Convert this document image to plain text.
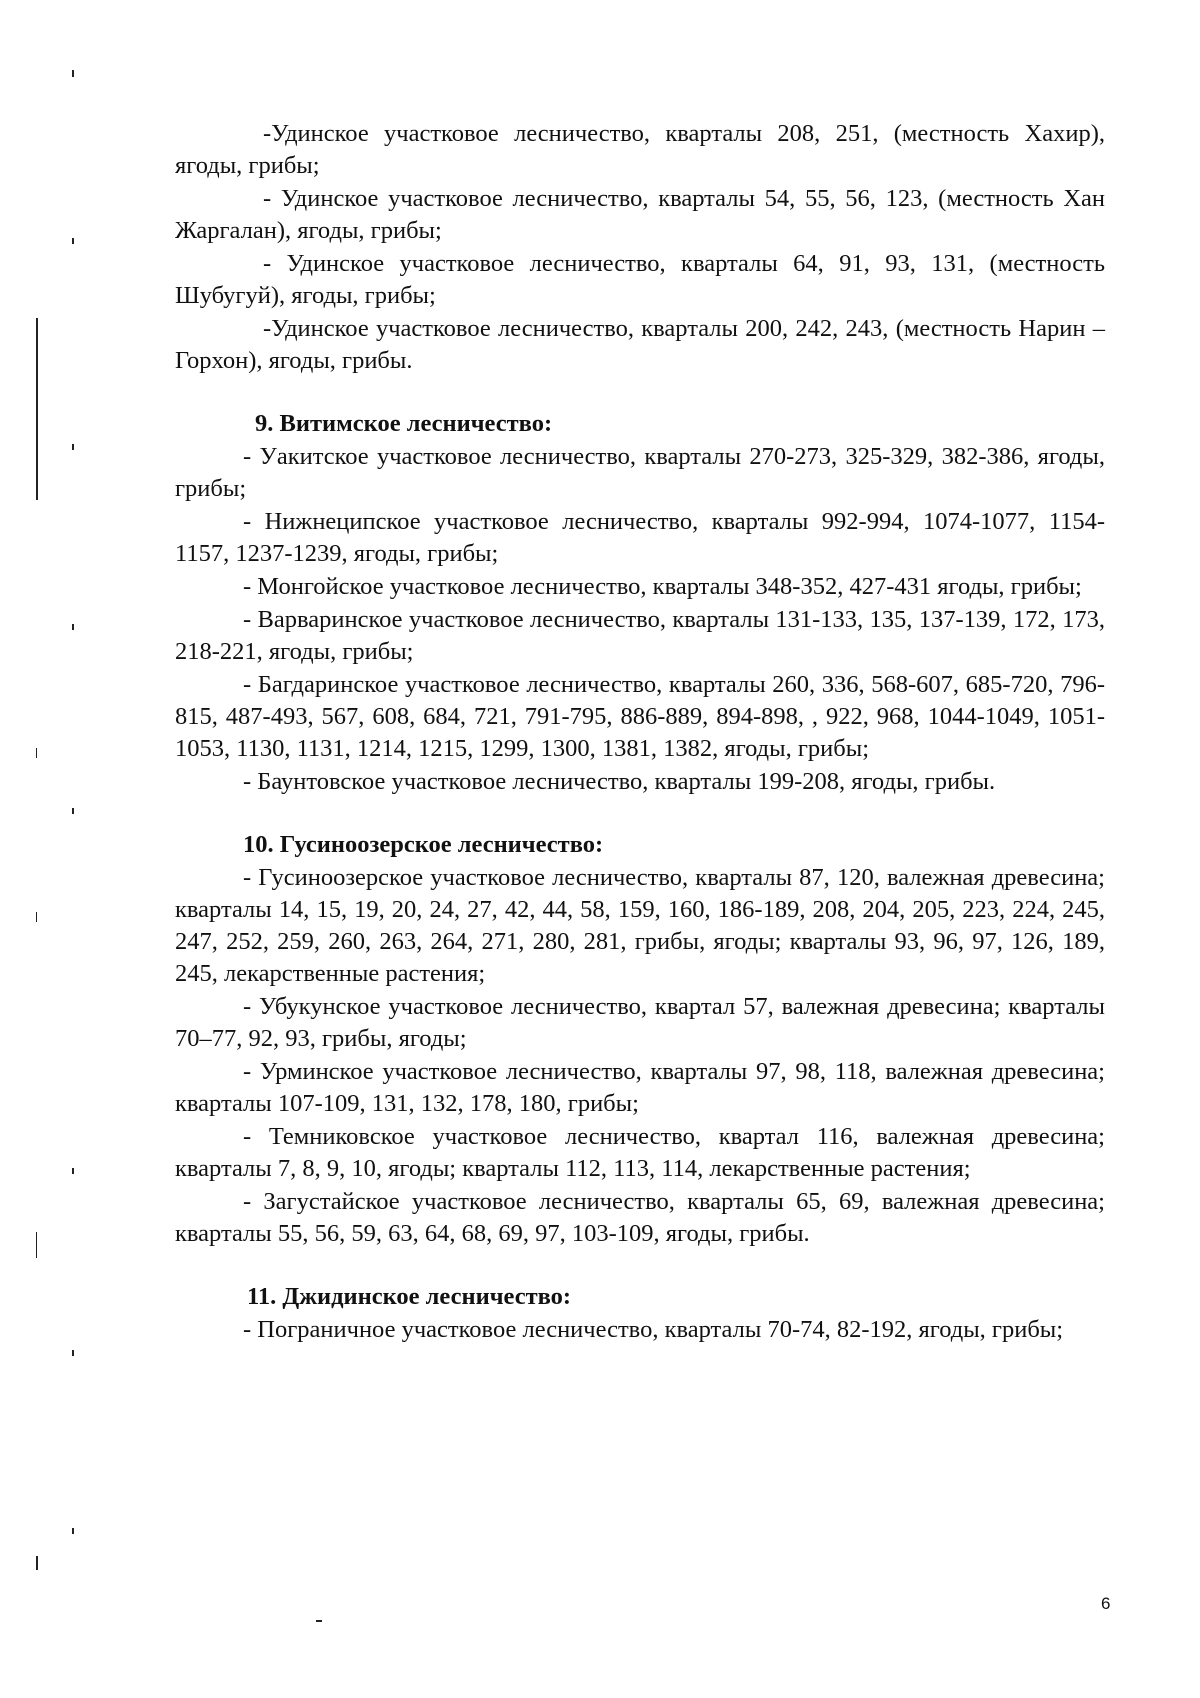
-Удинское участковое лесничество, кварталы 208, 251, (местность Хахир), ягоды, грибы;

- Удинское участковое лесничество, кварталы 54, 55, 56, 123, (местность Хан Жаргалан), ягоды, грибы;

- Удинское участковое лесничество, кварталы 64, 91, 93, 131, (местность Шубугуй), ягоды, грибы;

-Удинское участковое лесничество, кварталы 200, 242, 243, (местность Нарин –Горхон), ягоды, грибы.

9. Витимское лесничество:

- Уакитское участковое лесничество, кварталы 270-273, 325-329, 382-386, ягоды, грибы;

- Нижнеципское участковое лесничество, кварталы 992-994, 1074-1077, 1154-1157, 1237-1239, ягоды, грибы;

- Монгойское участковое лесничество, кварталы 348-352, 427-431 ягоды, грибы;

- Варваринское участковое лесничество, кварталы 131-133, 135, 137-139, 172, 173, 218-221, ягоды, грибы;

- Багдаринское участковое лесничество, кварталы 260, 336, 568-607, 685-720, 796-815, 487-493, 567, 608, 684, 721, 791-795, 886-889, 894-898, , 922, 968, 1044-1049, 1051-1053, 1130, 1131, 1214, 1215, 1299, 1300, 1381, 1382, ягоды, грибы;

- Баунтовское участковое лесничество, кварталы 199-208, ягоды, грибы.

10. Гусиноозерское лесничество:

- Гусиноозерское участковое лесничество, кварталы 87, 120, валежная древесина; кварталы 14, 15, 19, 20, 24, 27, 42, 44, 58, 159, 160, 186-189, 208, 204, 205, 223, 224, 245, 247, 252, 259, 260, 263, 264, 271, 280, 281, грибы, ягоды; кварталы 93, 96, 97, 126, 189, 245, лекарственные растения;

- Убукунское участковое лесничество, квартал 57, валежная древесина; кварталы 70–77, 92, 93, грибы, ягоды;

- Урминское участковое лесничество, кварталы 97, 98, 118, валежная древесина; кварталы 107-109, 131, 132, 178, 180, грибы;

- Темниковское участковое лесничество, квартал 116, валежная древесина; кварталы 7, 8, 9, 10, ягоды; кварталы 112, 113, 114, лекарственные растения;

- Загустайское участковое лесничество, кварталы 65, 69, валежная древесина; кварталы 55, 56, 59, 63, 64, 68, 69, 97, 103-109, ягоды, грибы.

11. Джидинское лесничество:

- Пограничное участковое лесничество, кварталы 70-74, 82-192, ягоды, грибы;

6
